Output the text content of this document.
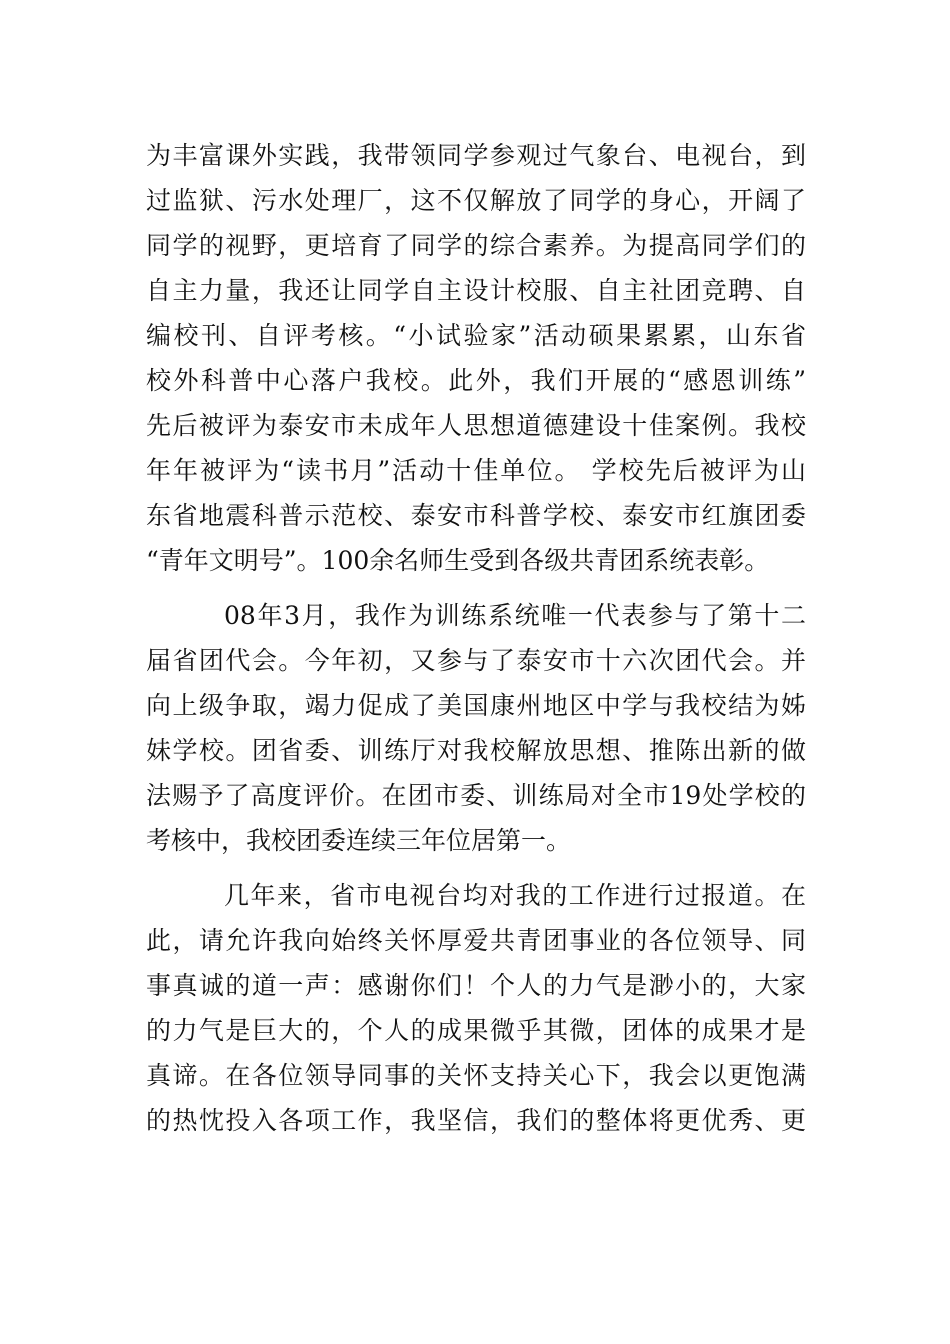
为丰富课外实践，我带领同学参观过气象台、电视台，到
过监狱、污水处理厂，这不仅解放了同学的身心，开阔了
同学的视野，更培育了同学的综合素养。为提高同学们的
自主力量，我还让同学自主设计校服、自主社团竞聘、自
编校刊、自评考核。“小试验家”活动硕果累累，山东省
校外科普中心落户我校。此外，我们开展的“感恩训练”
先后被评为泰安市未成年人思想道德建设十佳案例。我校
年年被评为“读书月”活动十佳单位。 学校先后被评为山
东省地震科普示范校、泰安市科普学校、泰安市红旗团委
“青年文明号”。100余名师生受到各级共青团系统表彰。
08年3月，我作为训练系统唯一代表参与了第十二
届省团代会。今年初，又参与了泰安市十六次团代会。并
向上级争取，竭力促成了美国康州地区中学与我校结为姊
妹学校。团省委、训练厅对我校解放思想、推陈出新的做
法赐予了高度评价。在团市委、训练局对全市19处学校的
考核中，我校团委连续三年位居第一。
几年来，省市电视台均对我的工作进行过报道。在
此，请允许我向始终关怀厚爱共青团事业的各位领导、同
事真诚的道一声：感谢你们！个人的力气是渺小的，大家
的力气是巨大的，个人的成果微乎其微，团体的成果才是
真谛。在各位领导同事的关怀支持关心下，我会以更饱满
的热忱投入各项工作，我坚信，我们的整体将更优秀、更
